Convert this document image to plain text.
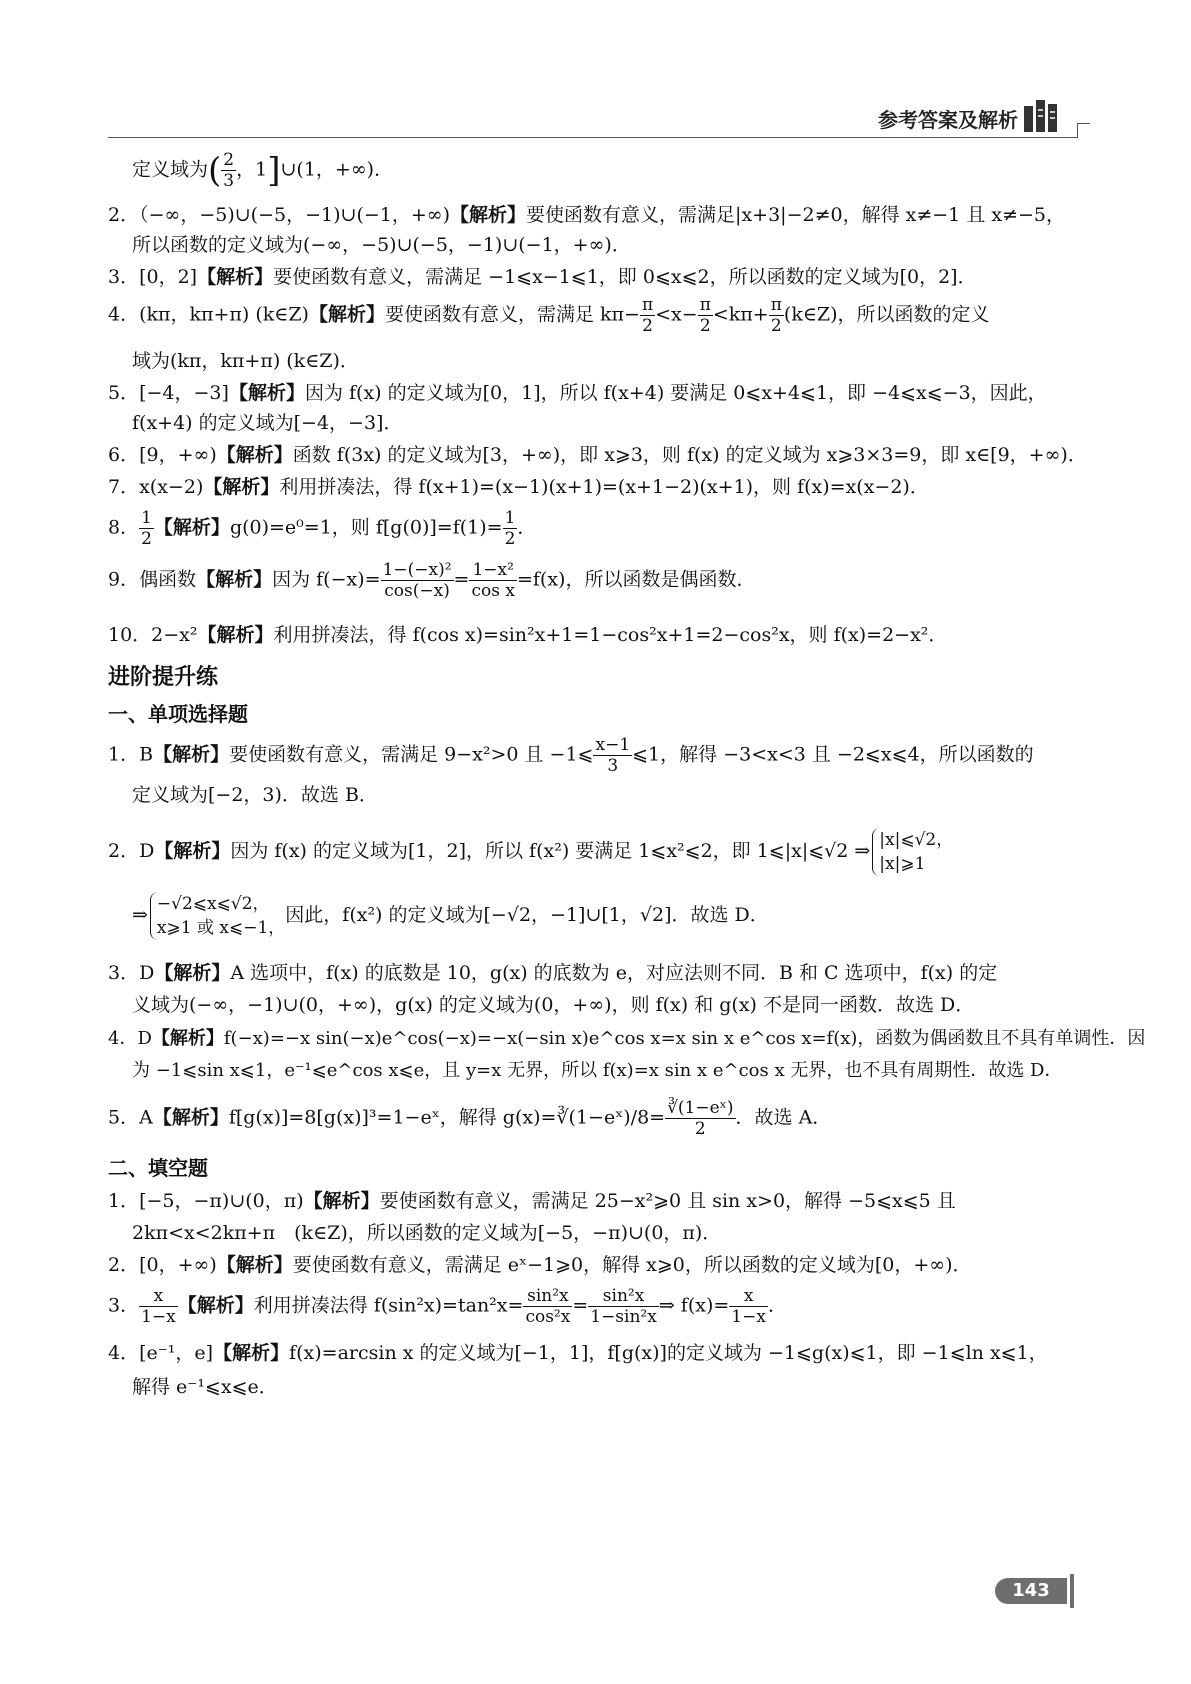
参考答案及解析
定义域为( $\frac{2}{3}$ ，1]∪(1，+∞)．
2．（−∞，−5)∪(−5，−1)∪(−1，+∞)【解析】要使函数有意义，需满足|x+3|−2≠0，解得 x≠−1 且 x≠−5，
所以函数的定义域为(−∞，−5)∪(−5，−1)∪(−1，+∞)．
3．[0，2]【解析】要使函数有意义，需满足 −1⩽x−1⩽1，即 0⩽x⩽2，所以函数的定义域为[0，2]．
4．(kπ，kπ+π) (k∈Z)【解析】要使函数有意义，需满足 $k\pi- \frac{\pi}{2} <x- \frac{\pi}{2} <k\pi+ \frac{\pi}{2}$ (k∈Z)，所以函数的定义
域为(kπ，kπ+π) (k∈Z)．
5．[−4，−3]【解析】因为 f(x) 的定义域为[0，1]，所以 f(x+4) 要满足 0⩽x+4⩽1，即 −4⩽x⩽−3，因此，
f(x+4) 的定义域为[−4，−3]．
6．[9，+∞)【解析】函数 f(3x) 的定义域为[3，+∞)，即 x⩾3，则 f(x) 的定义域为 x⩾3×3=9，即 x∈[9，+∞)．
7．x(x−2)【解析】利用拼凑法，得 f(x+1)=(x−1)(x+1)=(x+1−2)(x+1)，则 f(x)=x(x−2)．
8． $\frac{1}{2}$ 【解析】g(0)=e⁰=1，则 $f[g(0)]=f(1)= \frac{1}{2}$ ．
9．偶函数【解析】因为 $f(-x)= \frac{\text{1−(−x)²}}{\cos(-x)} = \frac{\text{1−x²}}{\text{cos x}} =f(x)$，所以函数是偶函数．
10．2−x²【解析】利用拼凑法，得 f(cos x)=sin²x+1=1−cos²x+1=2−cos²x，则 f(x)=2−x²．
进阶提升练
一、单项选择题
1．B【解析】要使函数有意义，需满足 9−x²>0 且 −1⩽ $\frac{x-1}{3}$ ⩽1，解得 −3<x<3 且 −2⩽x⩽4，所以函数的
定义域为[−2，3)．故选 B．
2．D【解析】因为 f(x) 的定义域为[1，2]，所以 f(x²) 要满足 1⩽x²⩽2，即 1⩽|x|⩽√2 ⇒ |x|⩽√2，
|x|⩾1
⇒ −√2⩽x⩽√2，
x⩾1 或 x⩽−1，因此，f(x²) 的定义域为[−√2，−1]∪[1，√2]．故选 D．
3．D【解析】A 选项中，f(x) 的底数是 10，g(x) 的底数为 e，对应法则不同．B 和 C 选项中，f(x) 的定
义域为(−∞，−1)∪(0，+∞)，g(x) 的定义域为(0，+∞)，则 f(x) 和 g(x) 不是同一函数．故选 D．
4．D【解析】f(−x)=−x sin(−x)e^cos(−x)=−x(−sin x)e^cos x=x sin x e^cos x=f(x)，函数为偶函数且不具有单调性．因
为 −1⩽sin x⩽1，e⁻¹⩽e^cos x⩽e，且 y=x 无界，所以 f(x)=x sin x e^cos x 无界，也不具有周期性．故选 D．
5．A【解析】f[g(x)]=8[g(x)]³=1−eˣ，解得 g(x)=∛(1−eˣ)/8= $\frac{\text{∛(1−eˣ)}}{2}$ ．故选 A．
二、填空题
1．[−5，−π)∪(0，π)【解析】要使函数有意义，需满足 25−x²⩾0 且 sin x>0，解得 −5⩽x⩽5 且
2kπ<x<2kπ+π　(k∈Z)，所以函数的定义域为[−5，−π)∪(0，π)．
2．[0，+∞)【解析】要使函数有意义，需满足 eˣ−1⩾0，解得 x⩾0，所以函数的定义域为[0，+∞)．
3． $\frac{x}{1-x}$ 【解析】利用拼凑法得 $f(\sin^2x)=\tan^2x= \frac{\text{sin²x}}{\text{cos²x}} = \frac{\text{sin²x}}{\text{1−sin²x}}$ ⇒ $f(x)= \frac{x}{1-x}$ ．
4．[e⁻¹，e]【解析】f(x)=arcsin x 的定义域为[−1，1]，f[g(x)]的定义域为 −1⩽g(x)⩽1，即 −1⩽ln x⩽1，
解得 e⁻¹⩽x⩽e．
143
